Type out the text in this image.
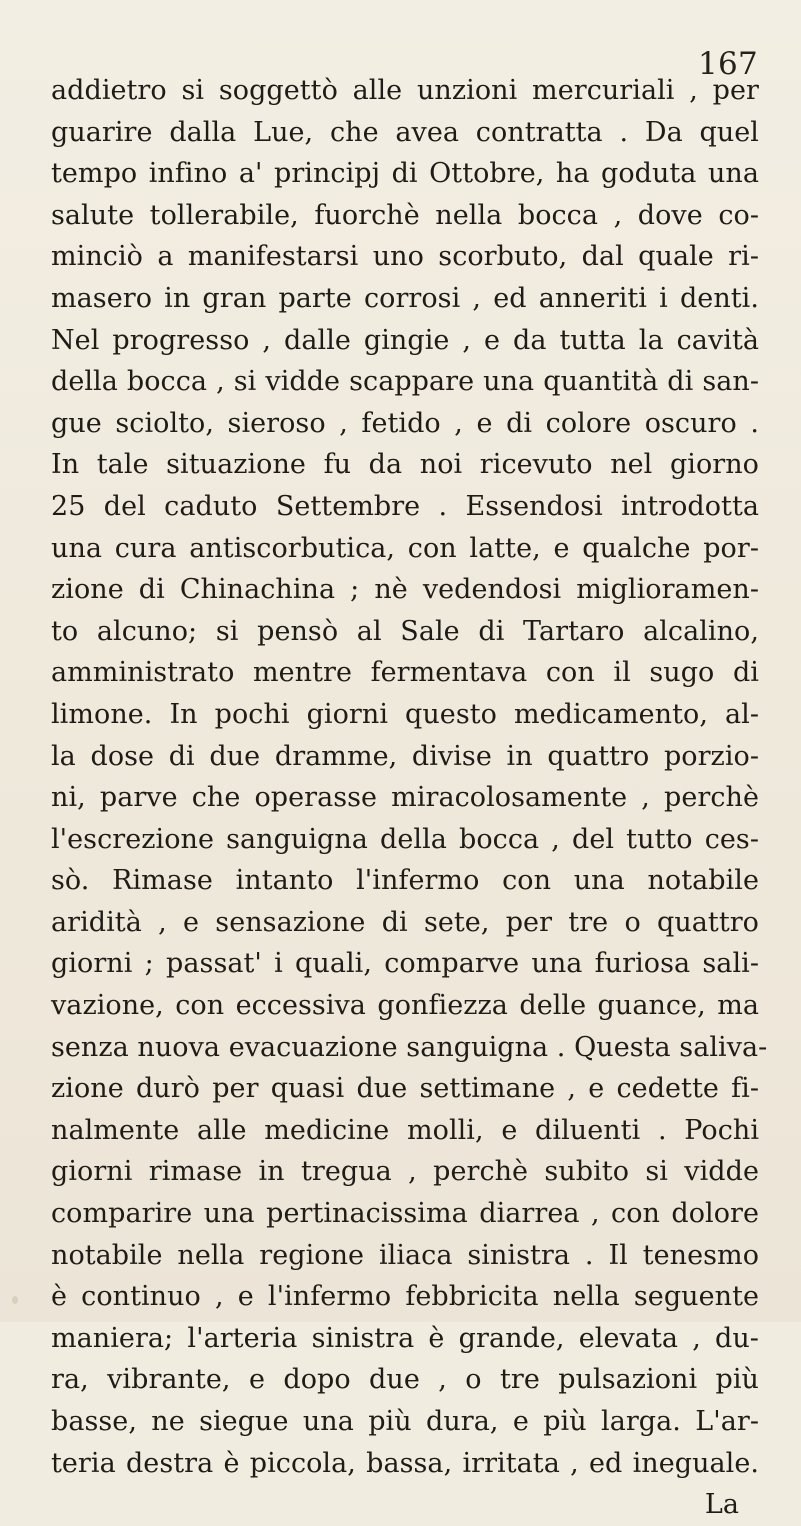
167
addietro si soggettò alle unzioni mercuriali , per
guarire dalla Lue, che avea contratta . Da quel
tempo infino a' principj di Ottobre, ha goduta una
salute tollerabile, fuorchè nella bocca , dove co-
minciò a manifestarsi uno scorbuto, dal quale ri-
masero in gran parte corrosi , ed anneriti i denti.
Nel progresso , dalle gingie , e da tutta la cavità
della bocca , si vidde scappare una quantità di san-
gue sciolto, sieroso , fetido , e di colore oscuro .
In tale situazione fu da noi ricevuto nel giorno
25 del caduto Settembre . Essendosi introdotta
una cura antiscorbutica, con latte, e qualche por-
zione di Chinachina ; nè vedendosi miglioramen-
to alcuno; si pensò al Sale di Tartaro alcalino,
amministrato mentre fermentava con il sugo di
limone. In pochi giorni questo medicamento, al-
la dose di due dramme, divise in quattro porzio-
ni, parve che operasse miracolosamente , perchè
l'escrezione sanguigna della bocca , del tutto ces-
sò. Rimase intanto l'infermo con una notabile
aridità , e sensazione di sete, per tre o quattro
giorni ; passat' i quali, comparve una furiosa sali-
vazione, con eccessiva gonfiezza delle guance, ma
senza nuova evacuazione sanguigna . Questa saliva-
zione durò per quasi due settimane , e cedette fi-
nalmente alle medicine molli, e diluenti . Pochi
giorni rimase in tregua , perchè subito si vidde
comparire una pertinacissima diarrea , con dolore
notabile nella regione iliaca sinistra . Il tenesmo
è continuo , e l'infermo febbricita nella seguente
maniera; l'arteria sinistra è grande, elevata , du-
ra, vibrante, e dopo due , o tre pulsazioni più
basse, ne siegue una più dura, e più larga. L'ar-
teria destra è piccola, bassa, irritata , ed ineguale.
La
